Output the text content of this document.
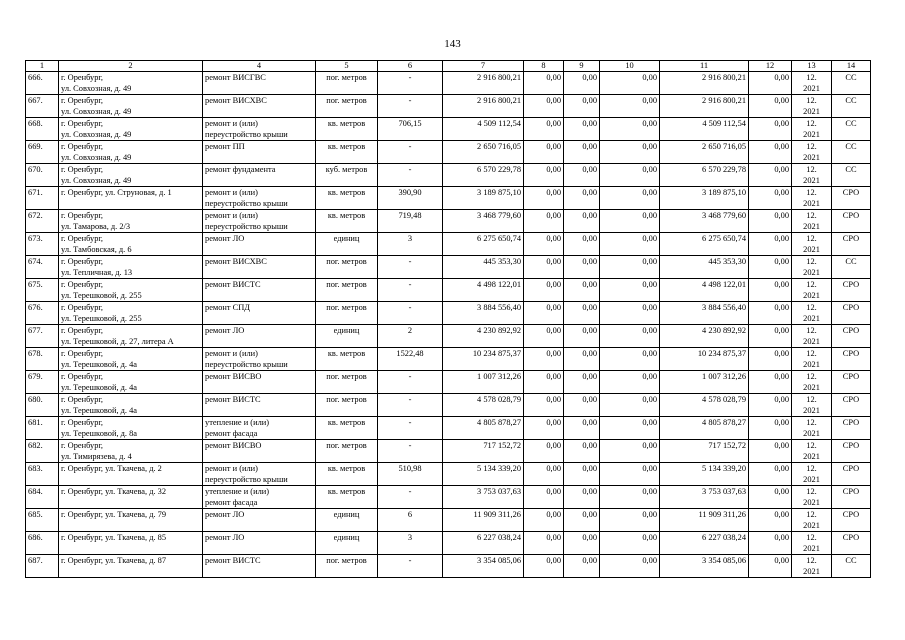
143
1	2	4	5	6	7	8	9	10	11	12	13	14
666.	г. Оренбург,
ул. Совхозная, д. 49	ремонт ВИСГВС	пог. метров	-	2 916 800,21	0,00	0,00	0,00	2 916 800,21	0,00	12.
2021	СС
667.	г. Оренбург,
ул. Совхозная, д. 49	ремонт ВИСХВС	пог. метров	-	2 916 800,21	0,00	0,00	0,00	2 916 800,21	0,00	12.
2021	СС
668.	г. Оренбург,
ул. Совхозная, д. 49	ремонт и (или)
переустройство крыши	кв. метров	706,15	4 509 112,54	0,00	0,00	0,00	4 509 112,54	0,00	12.
2021	СС
669.	г. Оренбург,
ул. Совхозная, д. 49	ремонт ПП	кв. метров	-	2 650 716,05	0,00	0,00	0,00	2 650 716,05	0,00	12.
2021	СС
670.	г. Оренбург,
ул. Совхозная, д. 49	ремонт фундамента	куб. метров	-	6 570 229,78	0,00	0,00	0,00	6 570 229,78	0,00	12.
2021	СС
671.	г. Оренбург, ул. Струновая, д. 1	ремонт и (или)
переустройство крыши	кв. метров	390,90	3 189 875,10	0,00	0,00	0,00	3 189 875,10	0,00	12.
2021	СРО
672.	г. Оренбург,
ул. Тамарова, д. 2/3	ремонт и (или)
переустройство крыши	кв. метров	719,48	3 468 779,60	0,00	0,00	0,00	3 468 779,60	0,00	12.
2021	СРО
673.	г. Оренбург,
ул. Тамбовская, д. 6	ремонт ЛО	единиц	3	6 275 650,74	0,00	0,00	0,00	6 275 650,74	0,00	12.
2021	СРО
674.	г. Оренбург,
ул. Тепличная, д. 13	ремонт ВИСХВС	пог. метров	-	445 353,30	0,00	0,00	0,00	445 353,30	0,00	12.
2021	СС
675.	г. Оренбург,
ул. Терешковой, д. 255	ремонт ВИСТС	пог. метров	-	4 498 122,01	0,00	0,00	0,00	4 498 122,01	0,00	12.
2021	СРО
676.	г. Оренбург,
ул. Терешковой, д. 255	ремонт СПД	пог. метров	-	3 884 556,40	0,00	0,00	0,00	3 884 556,40	0,00	12.
2021	СРО
677.	г. Оренбург,
ул. Терешковой, д. 27, литера А	ремонт ЛО	единиц	2	4 230 892,92	0,00	0,00	0,00	4 230 892,92	0,00	12.
2021	СРО
678.	г. Оренбург,
ул. Терешковой, д. 4а	ремонт и (или)
переустройство крыши	кв. метров	1522,48	10 234 875,37	0,00	0,00	0,00	10 234 875,37	0,00	12.
2021	СРО
679.	г. Оренбург,
ул. Терешковой, д. 4а	ремонт ВИСВО	пог. метров	-	1 007 312,26	0,00	0,00	0,00	1 007 312,26	0,00	12.
2021	СРО
680.	г. Оренбург,
ул. Терешковой, д. 4а	ремонт ВИСТС	пог. метров	-	4 578 028,79	0,00	0,00	0,00	4 578 028,79	0,00	12.
2021	СРО
681.	г. Оренбург,
ул. Терешковой, д. 8а	утепление и (или)
ремонт фасада	кв. метров	-	4 805 878,27	0,00	0,00	0,00	4 805 878,27	0,00	12.
2021	СРО
682.	г. Оренбург,
ул. Тимирязева, д. 4	ремонт ВИСВО	пог. метров	-	717 152,72	0,00	0,00	0,00	717 152,72	0,00	12.
2021	СРО
683.	г. Оренбург, ул. Ткачева, д. 2	ремонт и (или)
переустройство крыши	кв. метров	510,98	5 134 339,20	0,00	0,00	0,00	5 134 339,20	0,00	12.
2021	СРО
684.	г. Оренбург, ул. Ткачева, д. 32	утепление и (или)
ремонт фасада	кв. метров	-	3 753 037,63	0,00	0,00	0,00	3 753 037,63	0,00	12.
2021	СРО
685.	г. Оренбург, ул. Ткачева, д. 79	ремонт ЛО	единиц	6	11 909 311,26	0,00	0,00	0,00	11 909 311,26	0,00	12.
2021	СРО
686.	г. Оренбург, ул. Ткачева, д. 85	ремонт ЛО	единиц	3	6 227 038,24	0,00	0,00	0,00	6 227 038,24	0,00	12.
2021	СРО
687.	г. Оренбург, ул. Ткачева, д. 87	ремонт ВИСТС	пог. метров	-	3 354 085,06	0,00	0,00	0,00	3 354 085,06	0,00	12.
2021	СС
